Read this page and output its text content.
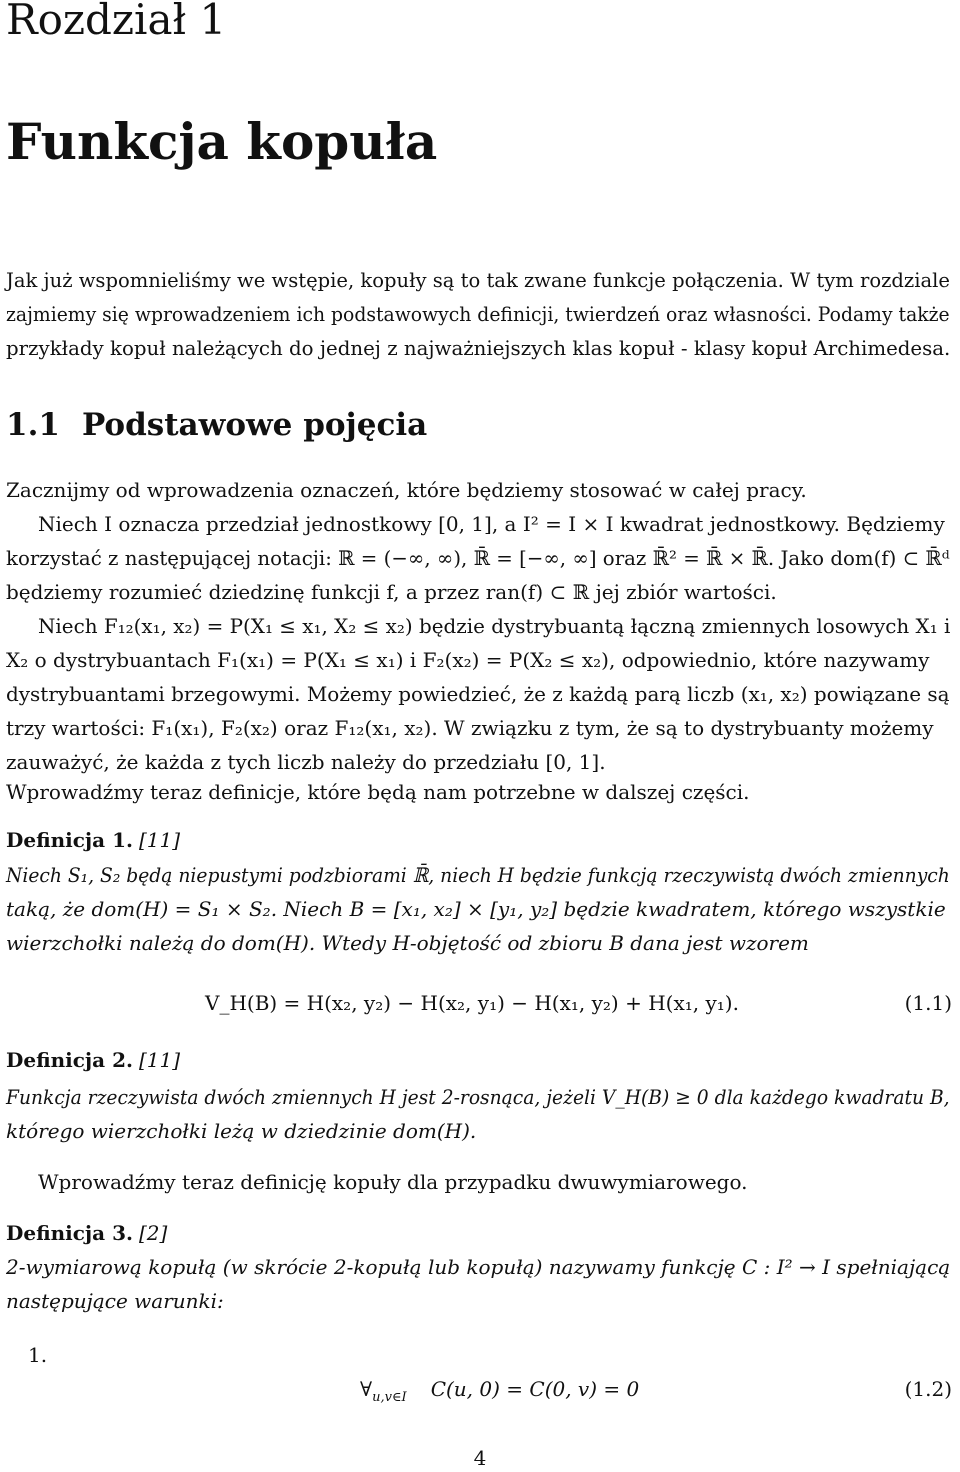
Rozdział 1
Funkcja kopuła
Jak już wspomnieliśmy we wstępie, kopuły są to tak zwane funkcje połączenia. W tym rozdziale
zajmiemy się wprowadzeniem ich podstawowych definicji, twierdzeń oraz własności. Podamy także
przykłady kopuł należących do jednej z najważniejszych klas kopuł - klasy kopuł Archimedesa.
1.1 Podstawowe pojęcia
Zacznijmy od wprowadzenia oznaczeń, które będziemy stosować w całej pracy.
Niech I oznacza przedział jednostkowy [0, 1], a I² = I × I kwadrat jednostkowy. Będziemy
korzystać z następującej notacji: ℝ = (−∞, ∞), ℝ̄ = [−∞, ∞] oraz ℝ̄² = ℝ̄ × ℝ̄. Jako dom(f) ⊂ ℝ̄ᵈ
będziemy rozumieć dziedzinę funkcji f, a przez ran(f) ⊂ ℝ jej zbiór wartości.
Niech F₁₂(x₁, x₂) = P(X₁ ≤ x₁, X₂ ≤ x₂) będzie dystrybuantą łączną zmiennych losowych X₁ i
X₂ o dystrybuantach F₁(x₁) = P(X₁ ≤ x₁) i F₂(x₂) = P(X₂ ≤ x₂), odpowiednio, które nazywamy
dystrybuantami brzegowymi. Możemy powiedzieć, że z każdą parą liczb (x₁, x₂) powiązane są
trzy wartości: F₁(x₁), F₂(x₂) oraz F₁₂(x₁, x₂). W związku z tym, że są to dystrybuanty możemy
zauważyć, że każda z tych liczb należy do przedziału [0, 1].
Wprowadźmy teraz definicje, które będą nam potrzebne w dalszej części.
Definicja 1. [11]
Niech S₁, S₂ będą niepustymi podzbiorami ℝ̄, niech H będzie funkcją rzeczywistą dwóch zmiennych
taką, że dom(H) = S₁ × S₂. Niech B = [x₁, x₂] × [y₁, y₂] będzie kwadratem, którego wszystkie
wierzchołki należą do dom(H). Wtedy H-objętość od zbioru B dana jest wzorem
V_H(B) = H(x₂, y₂) − H(x₂, y₁) − H(x₁, y₂) + H(x₁, y₁).	(1.1)
Definicja 2. [11]
Funkcja rzeczywista dwóch zmiennych H jest 2-rosnąca, jeżeli V_H(B) ≥ 0 dla każdego kwadratu B,
którego wierzchołki leżą w dziedzinie dom(H).
Wprowadźmy teraz definicję kopuły dla przypadku dwuwymiarowego.
Definicja 3. [2]
2-wymiarową kopułą (w skrócie 2-kopułą lub kopułą) nazywamy funkcję C : I² → I spełniającą
następujące warunki:
1.
$\forall_{u,v\in I}$ C(u, 0) = C(0, v) = 0	(1.2)
4
